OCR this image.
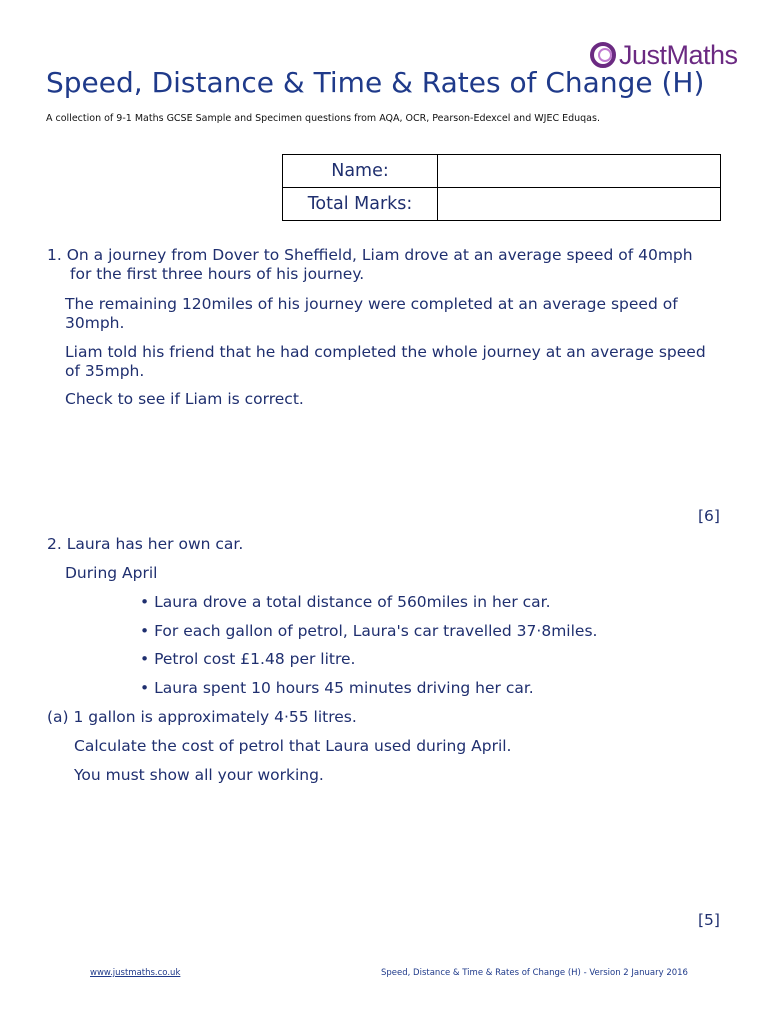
JustMaths
Speed, Distance & Time & Rates of Change (H)
A collection of 9-1 Maths GCSE Sample and Specimen questions from AQA, OCR, Pearson-Edexcel and WJEC Eduqas.
Name:	
Total Marks:	
1. On a journey from Dover to Sheffield, Liam drove at an average speed of 40mph
for the first three hours of his journey.
The remaining 120miles of his journey were completed at an average speed of
30mph.
Liam told his friend that he had completed the whole journey at an average speed
of 35mph.
Check to see if Liam is correct.
[6]
2. Laura has her own car.
During April
• Laura drove a total distance of 560miles in her car.
• For each gallon of petrol, Laura's car travelled 37·8miles.
• Petrol cost £1.48 per litre.
• Laura spent 10 hours 45 minutes driving her car.
(a) 1 gallon is approximately 4·55 litres.
Calculate the cost of petrol that Laura used during April.
You must show all your working.
[5]
www.justmaths.co.uk	Speed, Distance & Time & Rates of Change (H) - Version 2 January 2016
